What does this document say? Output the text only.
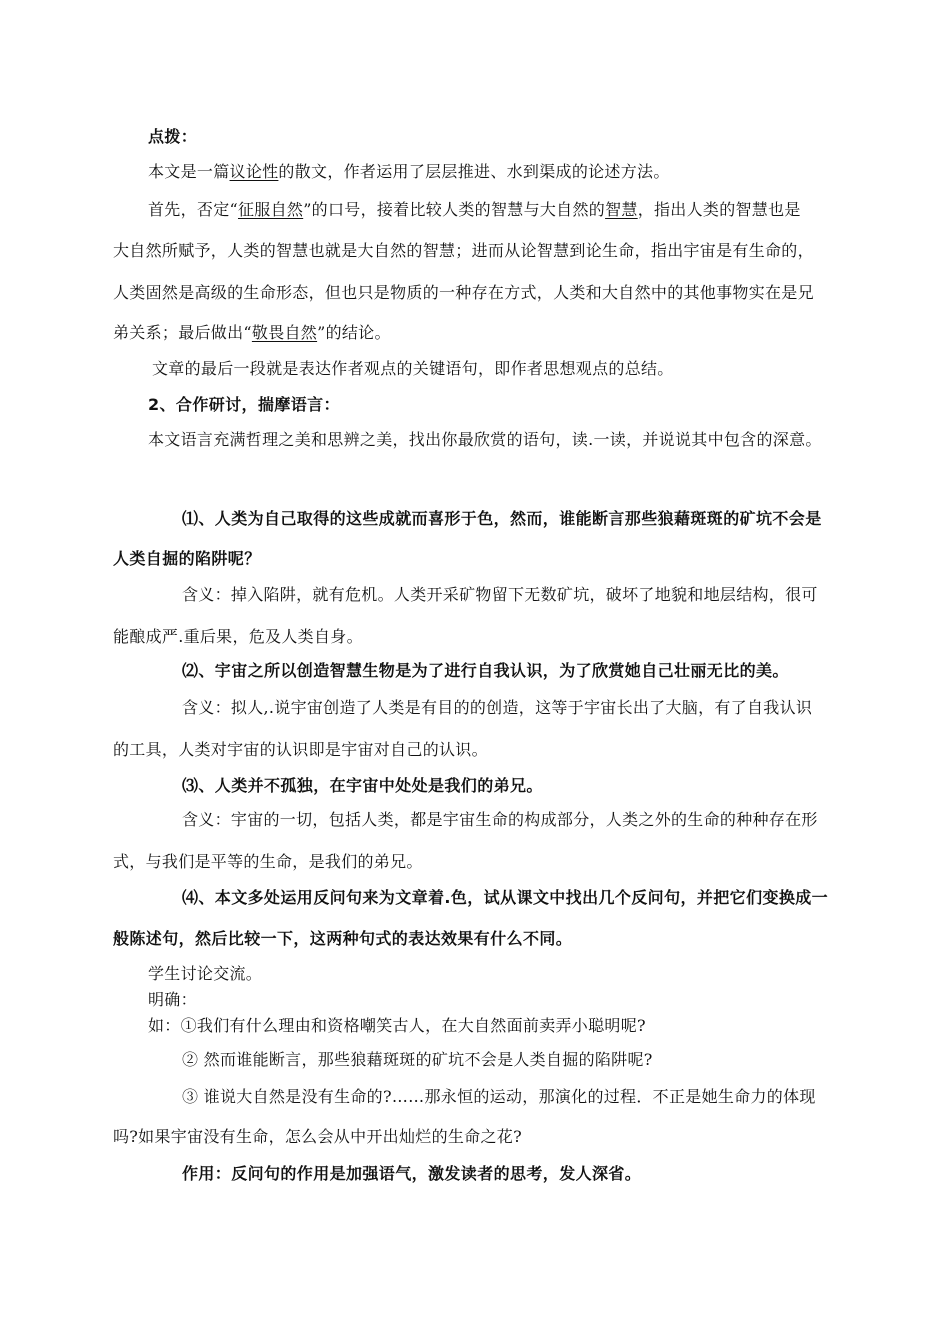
点拨：
本文是一篇议论性的散文，作者运用了层层推进、水到渠成的论述方法。
首先，否定“征服自然”的口号，接着比较人类的智慧与大自然的智慧，指出人类的智慧也是
大自然所赋予，人类的智慧也就是大自然的智慧；进而从论智慧到论生命，指出宇宙是有生命的，
人类固然是高级的生命形态，但也只是物质的一种存在方式，人类和大自然中的其他事物实在是兄
弟关系；最后做出“敬畏自然”的结论。
文章的最后一段就是表达作者观点的关键语句，即作者思想观点的总结。
2、合作研讨，揣摩语言：
本文语言充满哲理之美和思辨之美，找出你最欣赏的语句，读.一读，并说说其中包含的深意。
⑴、人类为自己取得的这些成就而喜形于色，然而，谁能断言那些狼藉斑斑的矿坑不会是
人类自掘的陷阱呢？
含义：掉入陷阱，就有危机。人类开采矿物留下无数矿坑，破坏了地貌和地层结构，很可
能酿成严.重后果，危及人类自身。
⑵、宇宙之所以创造智慧生物是为了进行自我认识，为了欣赏她自己壮丽无比的美。
含义：拟人,.说宇宙创造了人类是有目的的创造，这等于宇宙长出了大脑，有了自我认识
的工具，人类对宇宙的认识即是宇宙对自己的认识。
⑶、人类并不孤独，在宇宙中处处是我们的弟兄。
含义：宇宙的一切，包括人类，都是宇宙生命的构成部分，人类之外的生命的种种存在形
式，与我们是平等的生命，是我们的弟兄。
⑷、本文多处运用反问句来为文章着.色，试从课文中找出几个反问句，并把它们变换成一
般陈述句，然后比较一下，这两种句式的表达效果有什么不同。
学生讨论交流。
明确：
如：①我们有什么理由和资格嘲笑古人，在大自然面前卖弄小聪明呢?
② 然而谁能断言，那些狼藉斑斑的矿坑不会是人类自掘的陷阱呢?
③ 谁说大自然是没有生命的?……那永恒的运动，那演化的过程．不正是她生命力的体现
吗?如果宇宙没有生命，怎么会从中开出灿烂的生命之花?
作用：反问句的作用是加强语气，激发读者的思考，发人深省。
